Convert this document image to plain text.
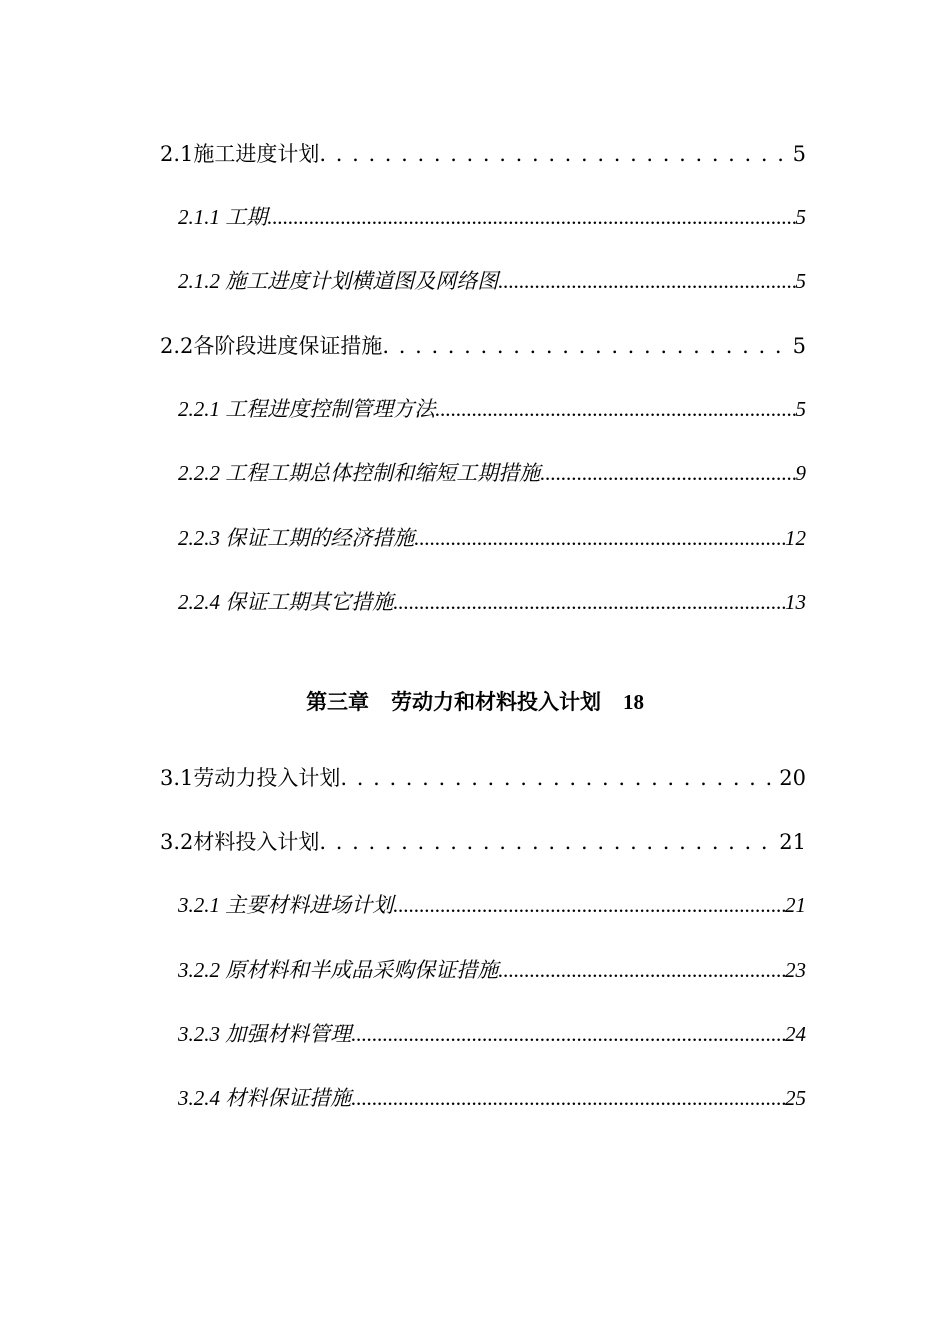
2.1施工进度计划 . . .	5
2.1.1 工期 .....	5
2.1.2 施工进度计划横道图及网络图 .....	5
2.2各阶段进度保证措施 . . .	5
2.2.1 工程进度控制管理方法 .....	5
2.2.2 工程工期总体控制和缩短工期措施 .....	9
2.2.3 保证工期的经济措施 .....	12
2.2.4 保证工期其它措施 .....	13
第三章   劳动力和材料投入计划 18
3.1劳动力投入计划 . . .	20
3.2材料投入计划 . . .	21
3.2.1 主要材料进场计划 .....	21
3.2.2 原材料和半成品采购保证措施 .....	23
3.2.3 加强材料管理 .....	24
3.2.4 材料保证措施 .....	25
